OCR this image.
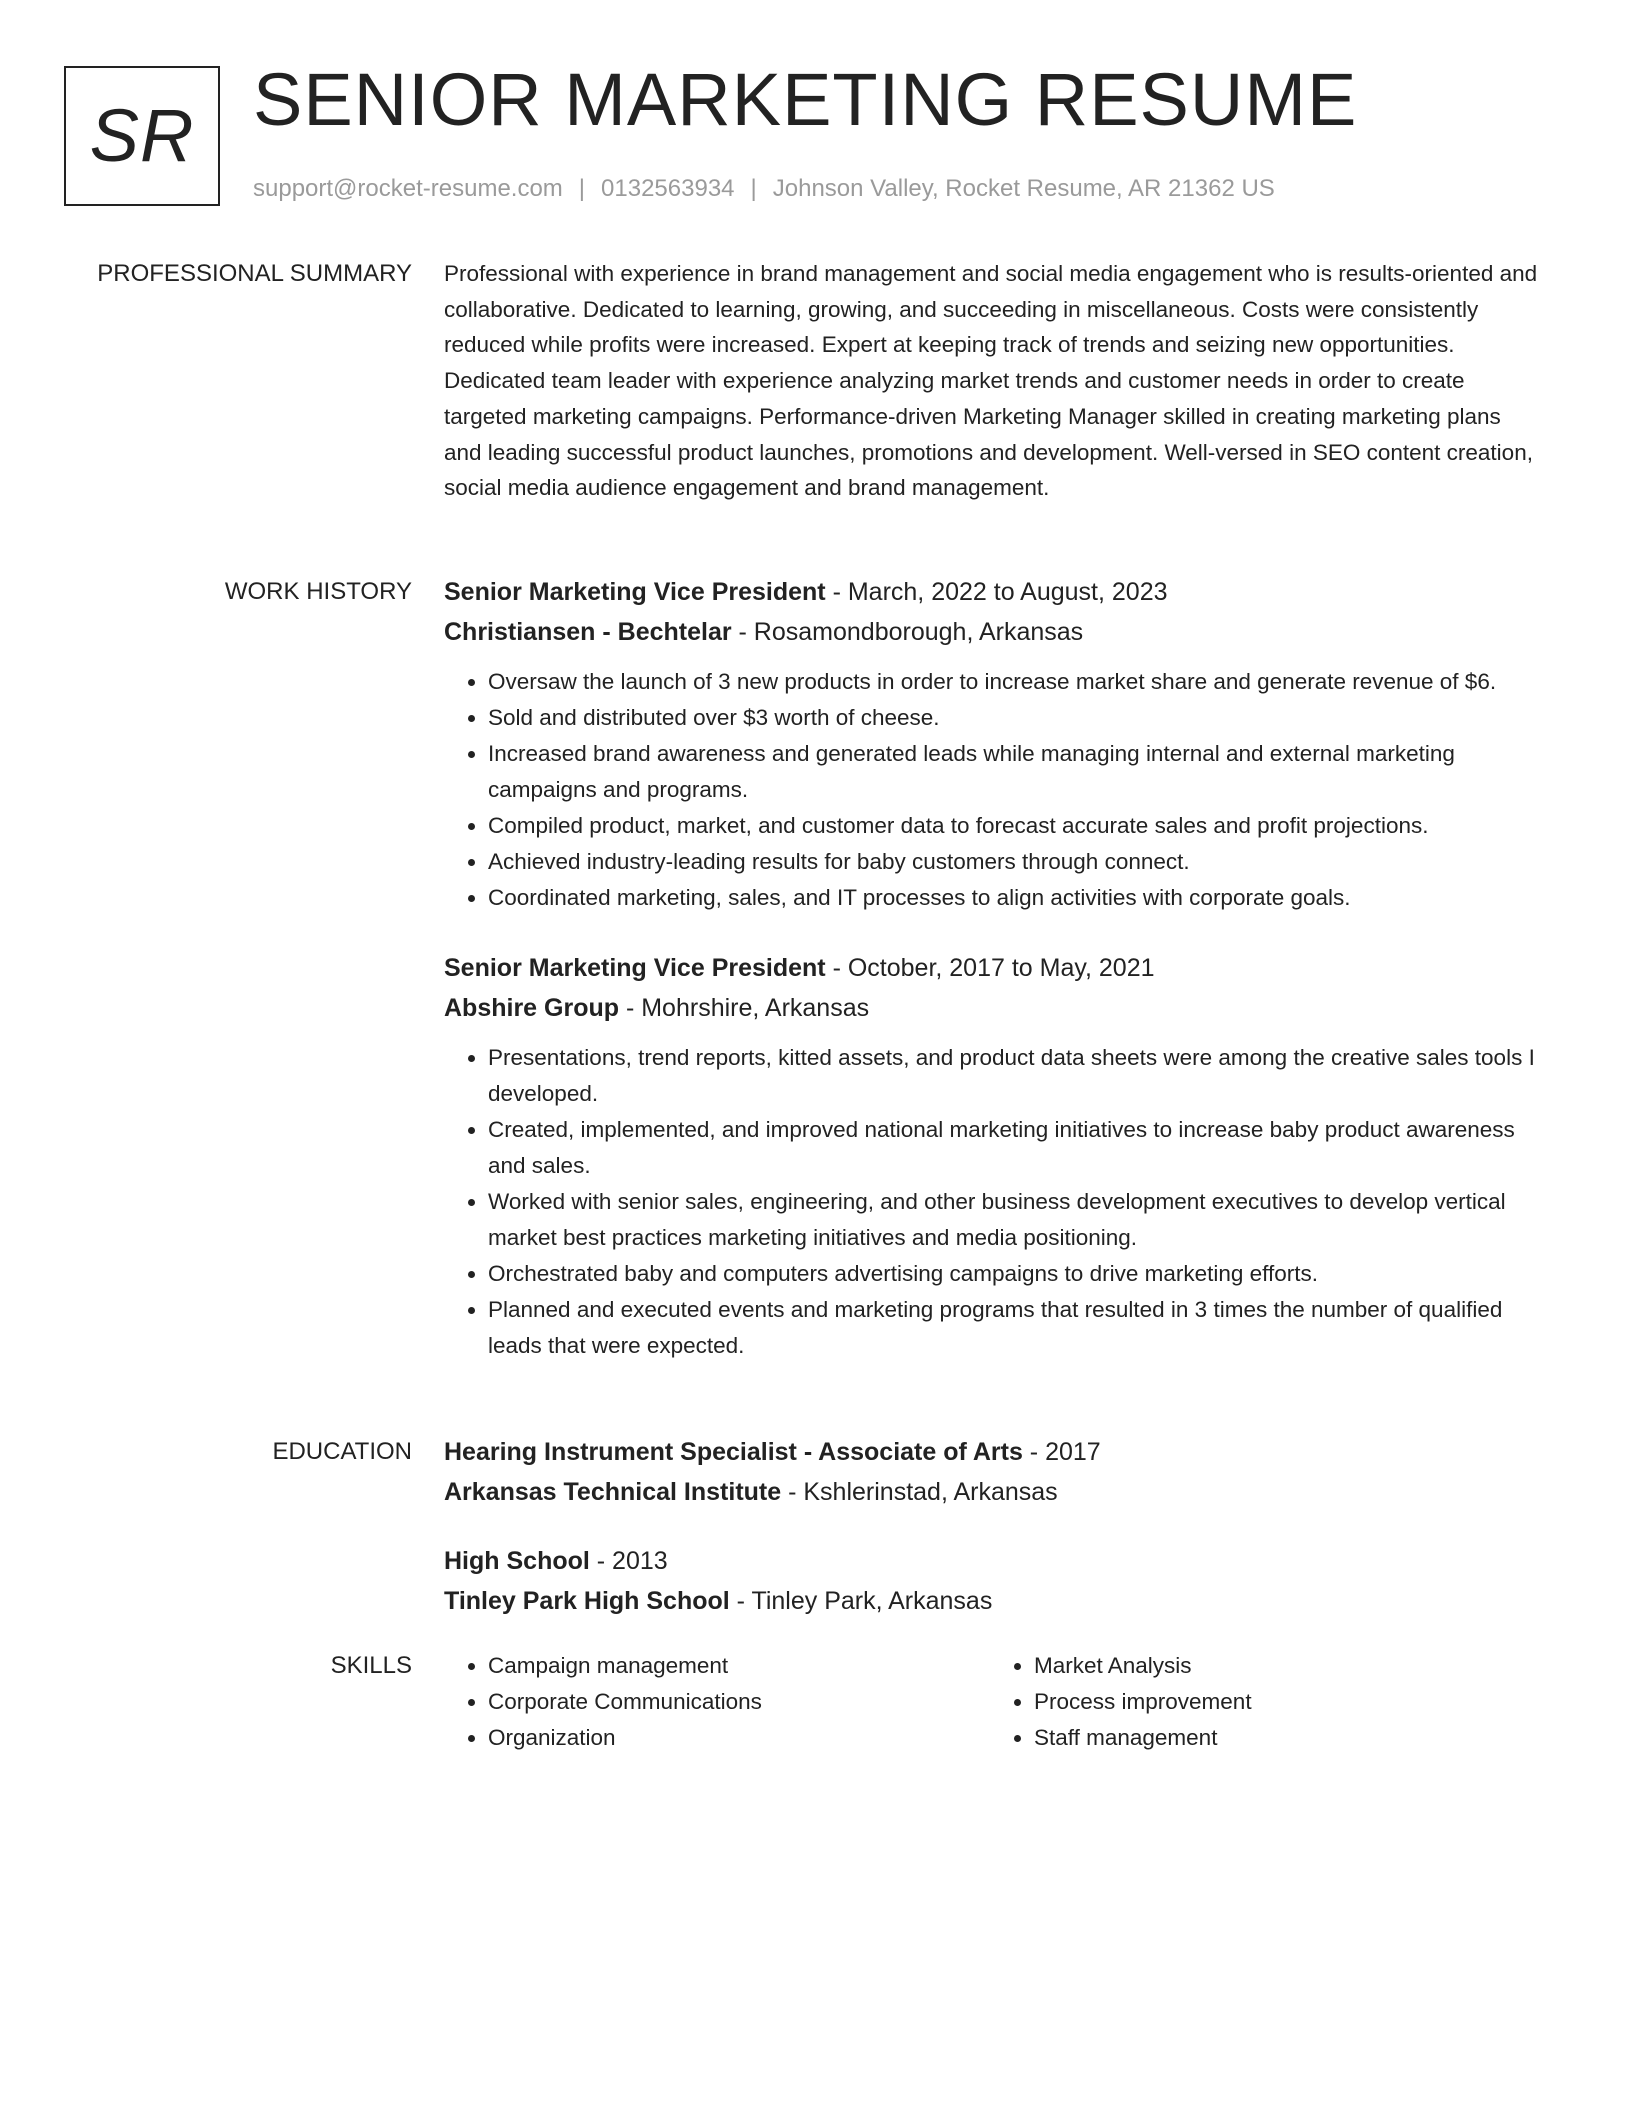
SR SENIOR MARKETING RESUME
support@rocket-resume.com | 0132563934 | Johnson Valley, Rocket Resume, AR 21362 US
PROFESSIONAL SUMMARY Professional with experience in brand management and social media engagement who is results-oriented and collaborative. Dedicated to learning, growing, and succeeding in miscellaneous. Costs were consistently reduced while profits were increased. Expert at keeping track of trends and seizing new opportunities. Dedicated team leader with experience analyzing market trends and customer needs in order to create targeted marketing campaigns. Performance-driven Marketing Manager skilled in creating marketing plans and leading successful product launches, promotions and development. Well-versed in SEO content creation, social media audience engagement and brand management.

WORK HISTORY Senior Marketing Vice President - March, 2022 to August, 2023
Christiansen - Bechtelar - Rosamondborough, Arkansas
• Oversaw the launch of 3 new products in order to increase market share and generate revenue of $6.
• Sold and distributed over $3 worth of cheese.
• Increased brand awareness and generated leads while managing internal and external marketing campaigns and programs.
• Compiled product, market, and customer data to forecast accurate sales and profit projections.
• Achieved industry-leading results for baby customers through connect.
• Coordinated marketing, sales, and IT processes to align activities with corporate goals.
Senior Marketing Vice President - October, 2017 to May, 2021
Abshire Group - Mohrshire, Arkansas
• Presentations, trend reports, kitted assets, and product data sheets were among the creative sales tools I developed.
• Created, implemented, and improved national marketing initiatives to increase baby product awareness and sales.
• Worked with senior sales, engineering, and other business development executives to develop vertical market best practices marketing initiatives and media positioning.
• Orchestrated baby and computers advertising campaigns to drive marketing efforts.
• Planned and executed events and marketing programs that resulted in 3 times the number of qualified leads that were expected.
EDUCATION Hearing Instrument Specialist - Associate of Arts - 2017
Arkansas Technical Institute - Kshlerinstad, Arkansas
High School - 2013
Tinley Park High School - Tinley Park, Arkansas
SKILLS
•	Campaign management
• Corporate Communications
• Organization
• Market Analysis
• Process improvement
• Staff management
